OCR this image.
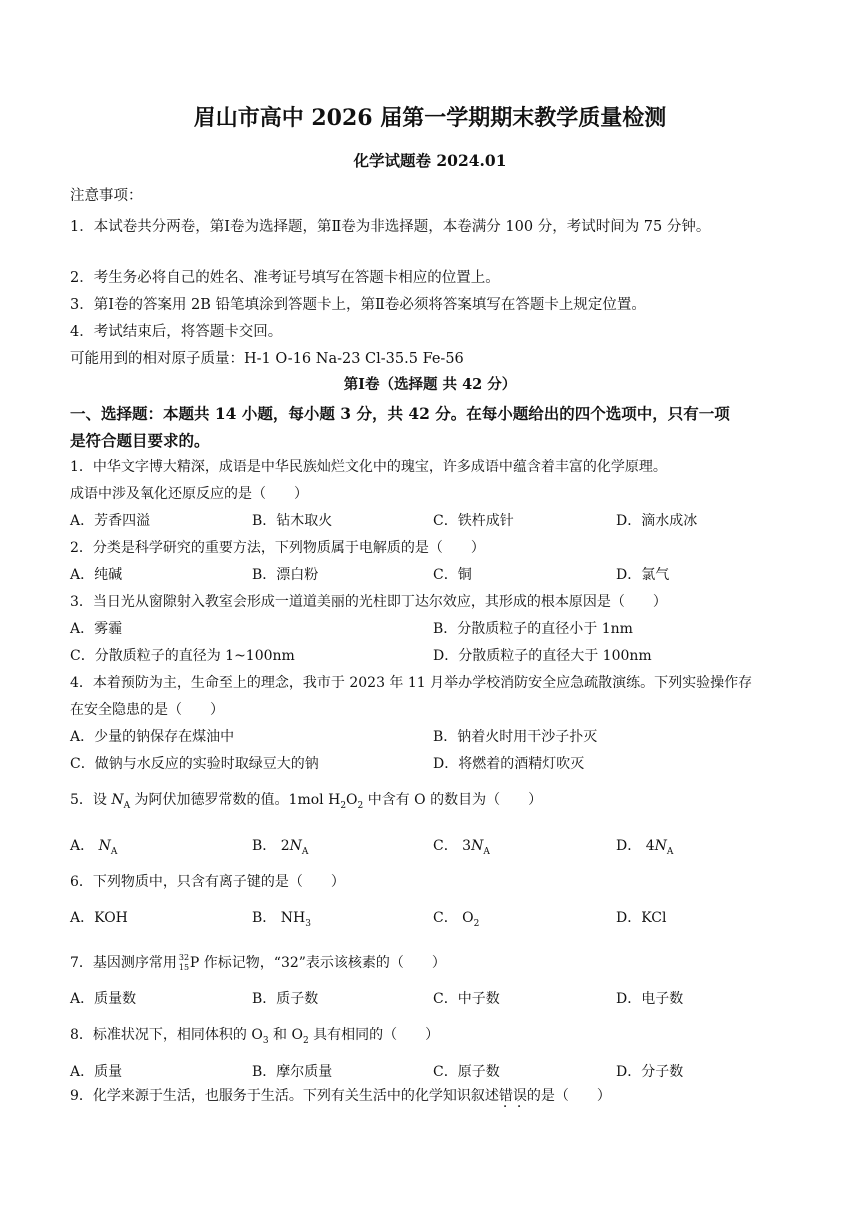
眉山市高中 2026 届第一学期期末教学质量检测
化学试题卷 2024.01
注意事项：
1．本试卷共分两卷，第Ⅰ卷为选择题，第Ⅱ卷为非选择题，本卷满分 100 分，考试时间为 75 分钟。
2．考生务必将自己的姓名、准考证号填写在答题卡相应的位置上。
3．第Ⅰ卷的答案用 2B 铅笔填涂到答题卡上，第Ⅱ卷必须将答案填写在答题卡上规定位置。
4．考试结束后，将答题卡交回。
可能用到的相对原子质量：H-1 O-16 Na-23 Cl-35.5 Fe-56
第Ⅰ卷（选择题 共 42 分）
一、选择题：本题共 14 小题，每小题 3 分，共 42 分。在每小题给出的四个选项中，只有一项
是符合题目要求的。
1．中华文字博大精深，成语是中华民族灿烂文化中的瑰宝，许多成语中蕴含着丰富的化学原理。
成语中涉及氧化还原反应的是（　　）
A．芳香四溢	B．钻木取火	C．铁杵成针	D．滴水成冰
2．分类是科学研究的重要方法，下列物质属于电解质的是（　　）
A．纯碱	B．漂白粉	C．铜	D．氯气
3．当日光从窗隙射入教室会形成一道道美丽的光柱即丁达尔效应，其形成的根本原因是（　　）
A．雾霾	B．分散质粒子的直径小于 1nm
C．分散质粒子的直径为 1~100nm	D．分散质粒子的直径大于 100nm
4．本着预防为主，生命至上的理念，我市于 2023 年 11 月举办学校消防安全应急疏散演练。下列实验操作存
在安全隐患的是（　　）
A．少量的钠保存在煤油中	B．钠着火时用干沙子扑灭
C．做钠与水反应的实验时取绿豆大的钠	D．将燃着的酒精灯吹灭
5．设 $N_A$ 为阿伏加德罗常数的值。1mol $H_2O_2$ 中含有 O 的数目为（　　）
A． $N_A$	B． $2N_A$	C． $3N_A$	D． $4N_A$
6．下列物质中，只含有离子键的是（　　）
A．KOH	B． $NH_3$	C． $O_2$	D．KCl
7．基因测序常用 32
15 P 作标记物，“32”表示该核素的（　　）
A．质量数	B．质子数	C．中子数	D．电子数
8．标准状况下，相同体积的 $O_3$ 和 $O_2$ 具有相同的（　　）
A．质量	B．摩尔质量	C．原子数	D．分子数
9．化学来源于生活，也服务于生活。下列有关生活中的化学知识叙述错误的是（　　）
